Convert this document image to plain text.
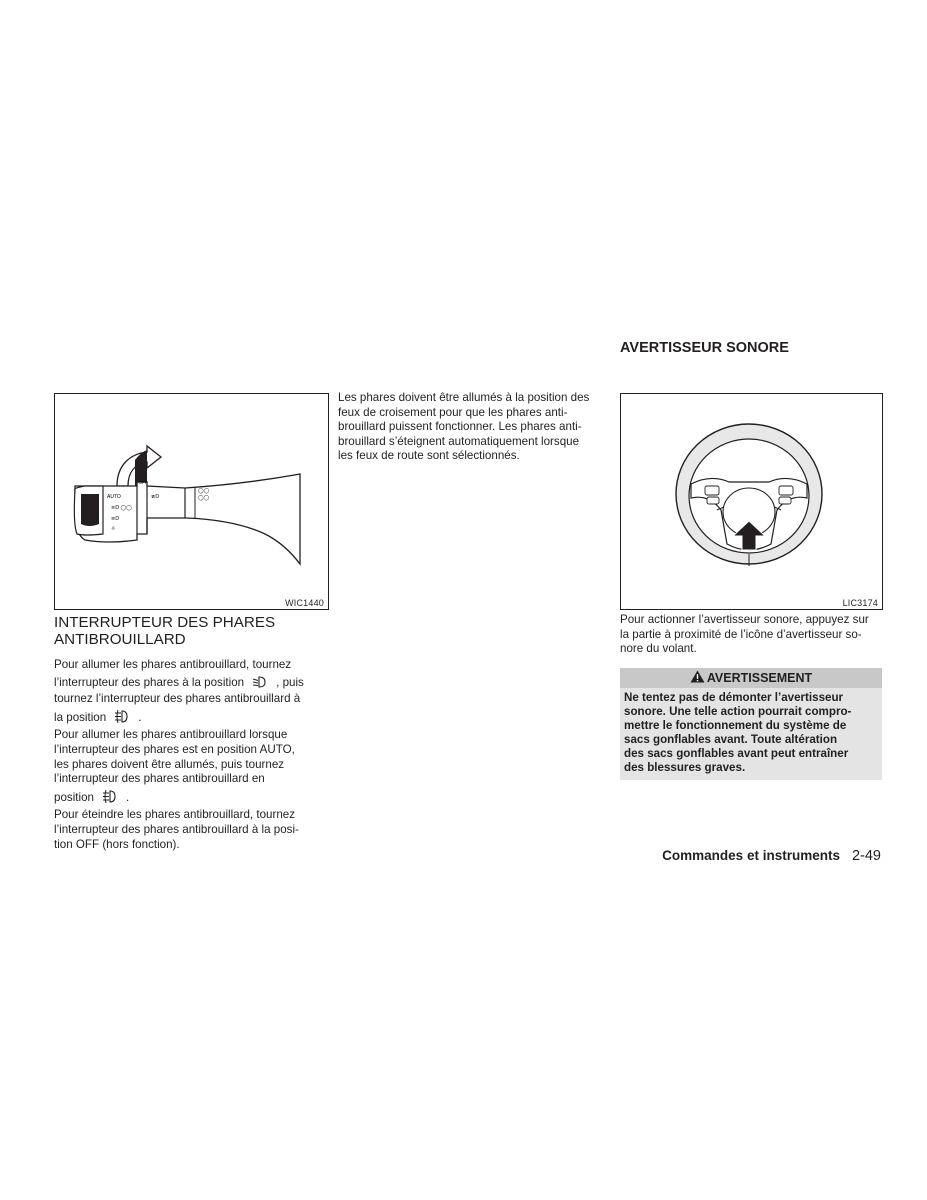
OFF
AUTO
≡D ◯◯
≡D
☼
≢D
◯◯
◯◯
WIC1440

INTERRUPTEUR DES PHARES

ANTIBROUILLARD

Pour allumer les phares antibrouillard, tournez

l’interrupteur des phares à la position	, puis

tournez l’interrupteur des phares antibrouillard à

la position	.

Pour allumer les phares antibrouillard lorsque

l’interrupteur des phares est en position AUTO,

les phares doivent être allumés, puis tournez

l’interrupteur des phares antibrouillard en

position	.

Pour éteindre les phares antibrouillard, tournez

l’interrupteur des phares antibrouillard à la posi-

tion OFF (hors fonction).

Les phares doivent être allumés à la position des

feux de croisement pour que les phares anti-

brouillard puissent fonctionner. Les phares anti-

brouillard s’éteignent automatiquement lorsque

les feux de route sont sélectionnés.

AVERTISSEUR SONORE

LIC3174

Pour actionner l’avertisseur sonore, appuyez sur

la partie à proximité de l’icône d’avertisseur so-

nore du volant.

AVERTISSEMENT
Ne tentez pas de démonter l’avertisseur
sonore. Une telle action pourrait compro-
mettre le fonctionnement du système de
sacs gonflables avant. Toute altération
des sacs gonflables avant peut entraîner
des blessures graves.
Commandes et instruments 2-49
